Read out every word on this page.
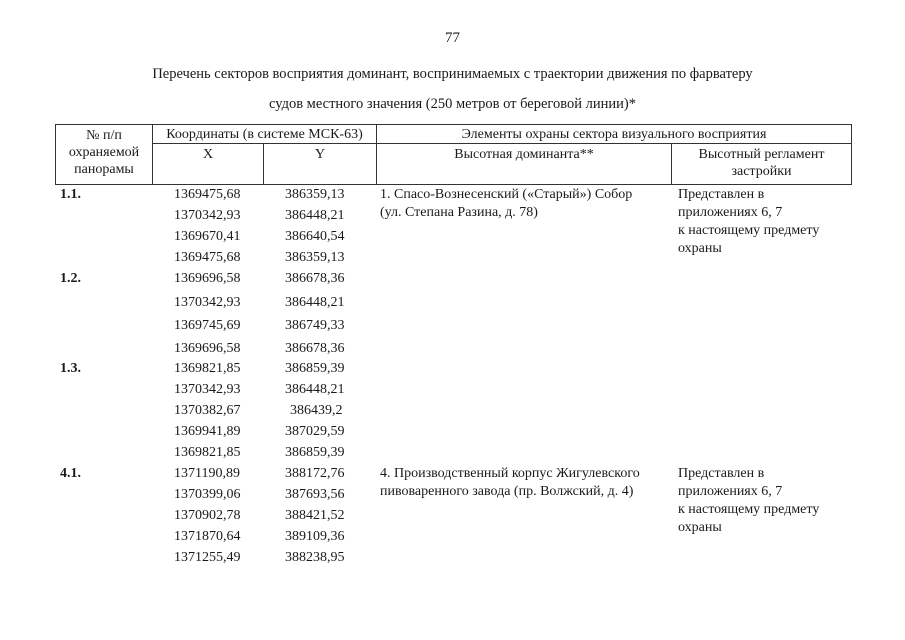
77
Перечень секторов восприятия доминант, воспринимаемых с траектории движения по фарватеру
судов местного значения (250 метров от береговой линии)*
№ п/п
охраняемой
панорамы
Координаты (в системе МСК-63)
X	Y
Элементы охраны сектора визуального восприятия
Высотная доминанта**	Высотный регламент
застройки
1.1.	1369475,68	386359,13
1370342,93	386448,21
1369670,41	386640,54
1369475,68	386359,13
1. Спасо-Вознесенский («Старый») Собор
(ул. Степана Разина, д. 78)
Представлен в
приложениях 6, 7
к настоящему предмету
охраны
1.2.	1369696,58	386678,36
1370342,93	386448,21
1369745,69	386749,33
1369696,58	386678,36
1.3.	1369821,85	386859,39
1370342,93	386448,21
1370382,67	386439,2
1369941,89	387029,59
1369821,85	386859,39
4.1.	1371190,89	388172,76
1370399,06	387693,56
1370902,78	388421,52
1371870,64	389109,36
1371255,49	388238,95
4. Производственный корпус Жигулевского
пивоваренного завода (пр. Волжский, д. 4)
Представлен в
приложениях 6, 7
к настоящему предмету
охраны
